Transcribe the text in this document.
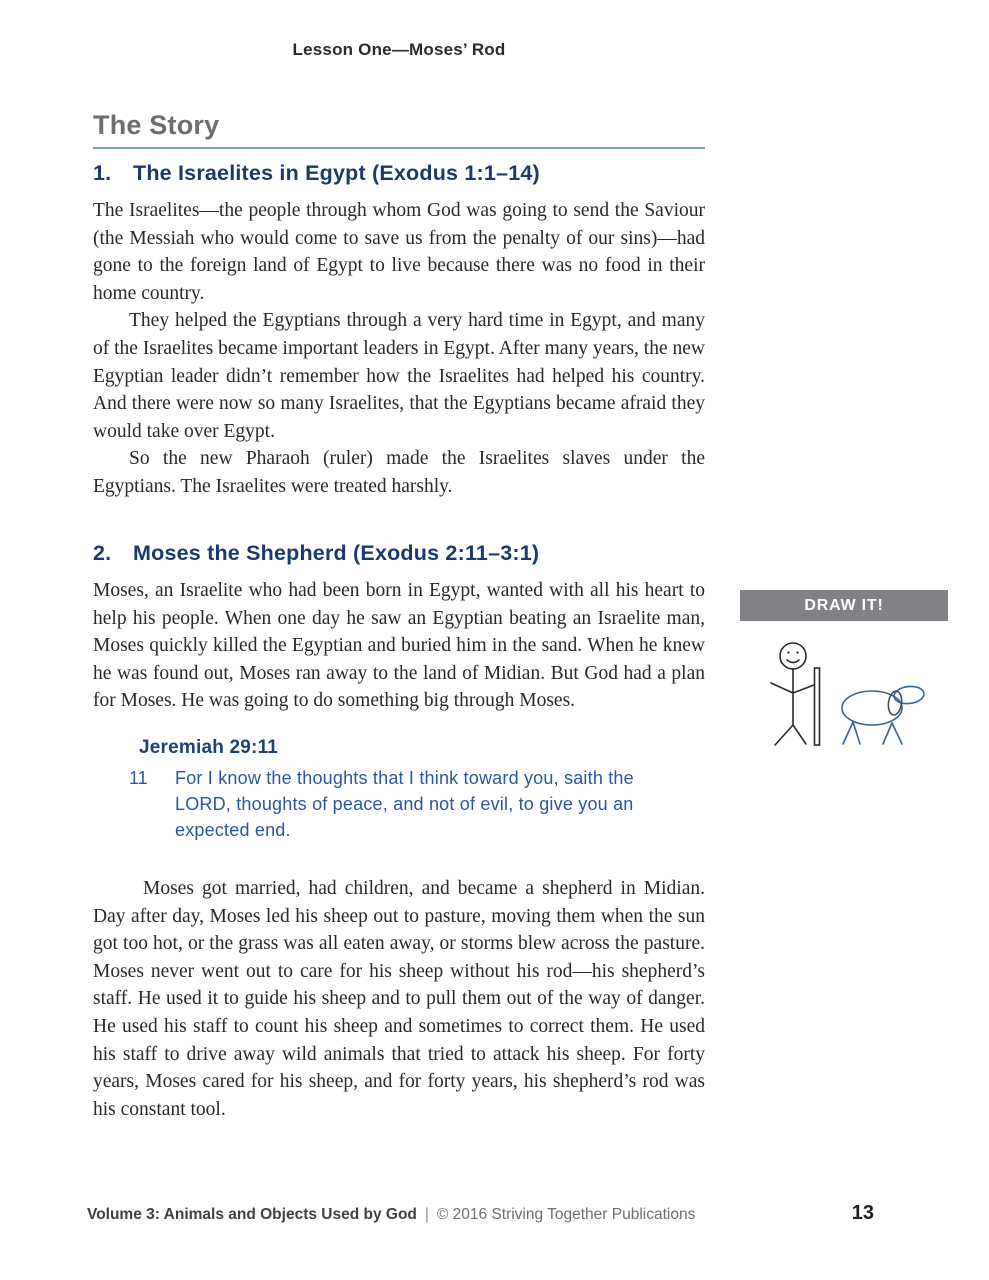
Lesson One—Moses’ Rod
The Story
1.	The Israelites in Egypt (Exodus 1:1–14)

The Israelites—the people through whom God was going to send the Saviour (the Messiah who would come to save us from the penalty of our sins)—had gone to the foreign land of Egypt to live because there was no food in their home country.

They helped the Egyptians through a very hard time in Egypt, and many of the Israelites became important leaders in Egypt. After many years, the new Egyptian leader didn’t remember how the Israelites had helped his country. And there were now so many Israelites, that the Egyptians became afraid they would take over Egypt.

So the new Pharaoh (ruler) made the Israelites slaves under the Egyptians. The Israelites were treated harshly.

2.	Moses the Shepherd (Exodus 2:11–3:1)

Moses, an Israelite who had been born in Egypt, wanted with all his heart to help his people. When one day he saw an Egyptian beating an Israelite man, Moses quickly killed the Egyptian and buried him in the sand. When he knew he was found out, Moses ran away to the land of Midian. But God had a plan for Moses. He was going to do something big through Moses.

Jeremiah 29:11
11	For I know the thoughts that I think toward you, saith the LORD, thoughts of peace, and not of evil, to give you an expected end.

Moses got married, had children, and became a shepherd in Midian. Day after day, Moses led his sheep out to pasture, moving them when the sun got too hot, or the grass was all eaten away, or storms blew across the pasture. Moses never went out to care for his sheep without his rod—his shepherd’s staff. He used it to guide his sheep and to pull them out of the way of danger. He used his staff to count his sheep and sometimes to correct them. He used his staff to drive away wild animals that tried to attack his sheep. For forty years, Moses cared for his sheep, and for forty years, his shepherd’s rod was his constant tool.

DRAW IT!
Volume 3: Animals and Objects Used by God | © 2016 Striving Together Publications	13
